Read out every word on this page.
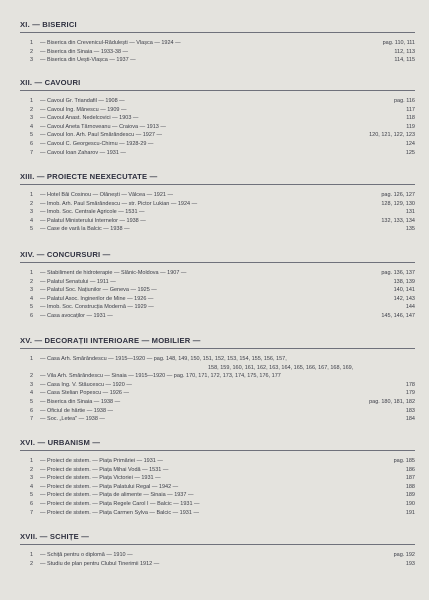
XI. — BISERICI
1 — Biserica din Crevenicul-Rădulești — Vlașca — 1924 —	pag. 110, 111
2 — Biserica din Sinaia — 1933-38 —	112, 113
3 — Biserica din Uești-Vlașca — 1937 —	114, 115
XII. — CAVOURI
1 — Cavoul Gr. Triandafil — 1908 —	pag. 116
2 — Cavoul Ing. Mănescu — 1909 —	117
3 — Cavoul Anast. Nedelcovici — 1903 —	118
4 — Cavoul Aneta Tărnoveanu — Craiova — 1913 —	119
5 — Cavoul Ion. Arh. Paul Smărăndescu — 1927 —	120, 121, 122, 123
6 — Cavoul C. Georgescu-Chirnu — 1928-29 —	124
7 — Cavoul Ioan Zaharov — 1931 —	125
XIII. — PROIECTE NEEXECUTATE —
1 — Hotel Băi Cosinou — Olănești — Vâlcea — 1921 —	pag. 126, 127
2 — Imob. Arh. Paul Smărăndescu — str. Pictor Lukian — 1924 —	128, 129, 130
3 — Imob. Soc. Centrale Agricole — 1531 —	131
4 — Palatul Ministerului Internelor — 1938 —	132, 133, 134
5 — Case de vară la Balcic — 1938 —	135
XIV. — CONCURSURI —
1 — Stabiliment de hidroterapie — Slănic-Moldova — 1907 —	pag. 136, 137
2 — Palatul Senatului — 1911 —	138, 139
3 — Palatul Soc. Națiunilor — Geneva — 1925 —	140, 141
4 — Palatul Asoc. Inginerilor de Mine — 1926 —	142, 143
5 — Imob. Soc. Construcția Modernă — 1929 —	144
6 — Casa avocaților — 1931 —	145, 146, 147
XV. — DECORAȚII INTERIOARE — MOBILIER —
1 — Casa Arh. Smărăndescu — 1915—1920 — pag. 148, 149, 150, 151, 152, 153, 154, 155, 156, 157,
158, 159, 160, 161, 162, 163, 164, 165, 166, 167, 168, 169,
2 — Vila Arh. Smărăndescu — Sinaia — 1915—1920 — pag. 170, 171, 172, 173, 174, 175, 176, 177
3 — Casa Ing. V. Stăucescu — 1920 —	178
4 — Casa Stelian Popescu — 1926 —	179
5 — Biserica din Sinaia — 1938 —	pag. 180, 181, 182
6 — Oficiul de hârtie — 1938 —	183
7 — Soc. „Letea" — 1938 —	184
XVI. — URBANISM —
1 — Proiect de sistem. — Piața Primăriei — 1931 —	pag. 185
2 — Proiect de sistem. — Piața Mihai Vodă — 1531 —	186
3 — Proiect de sistem. — Piața Victoriei — 1931 —	187
4 — Proiect de sistem. — Piața Palatului Regal — 1942 —	188
5 — Proiect de sistem. — Piața de alimente — Sinaia — 1937 —	189
6 — Proiect de sistem. — Piața Regele Carol I — Balcic — 1931 —	190
7 — Proiect de sistem. — Piața Carmen Sylva — Balcic — 1931 —	191
XVII. — SCHIȚE —
1 — Schiță pentru o diplomă — 1910 —	pag. 192
2 — Studiu de plan pentru Clubul Tinerimii 1912 —	193
